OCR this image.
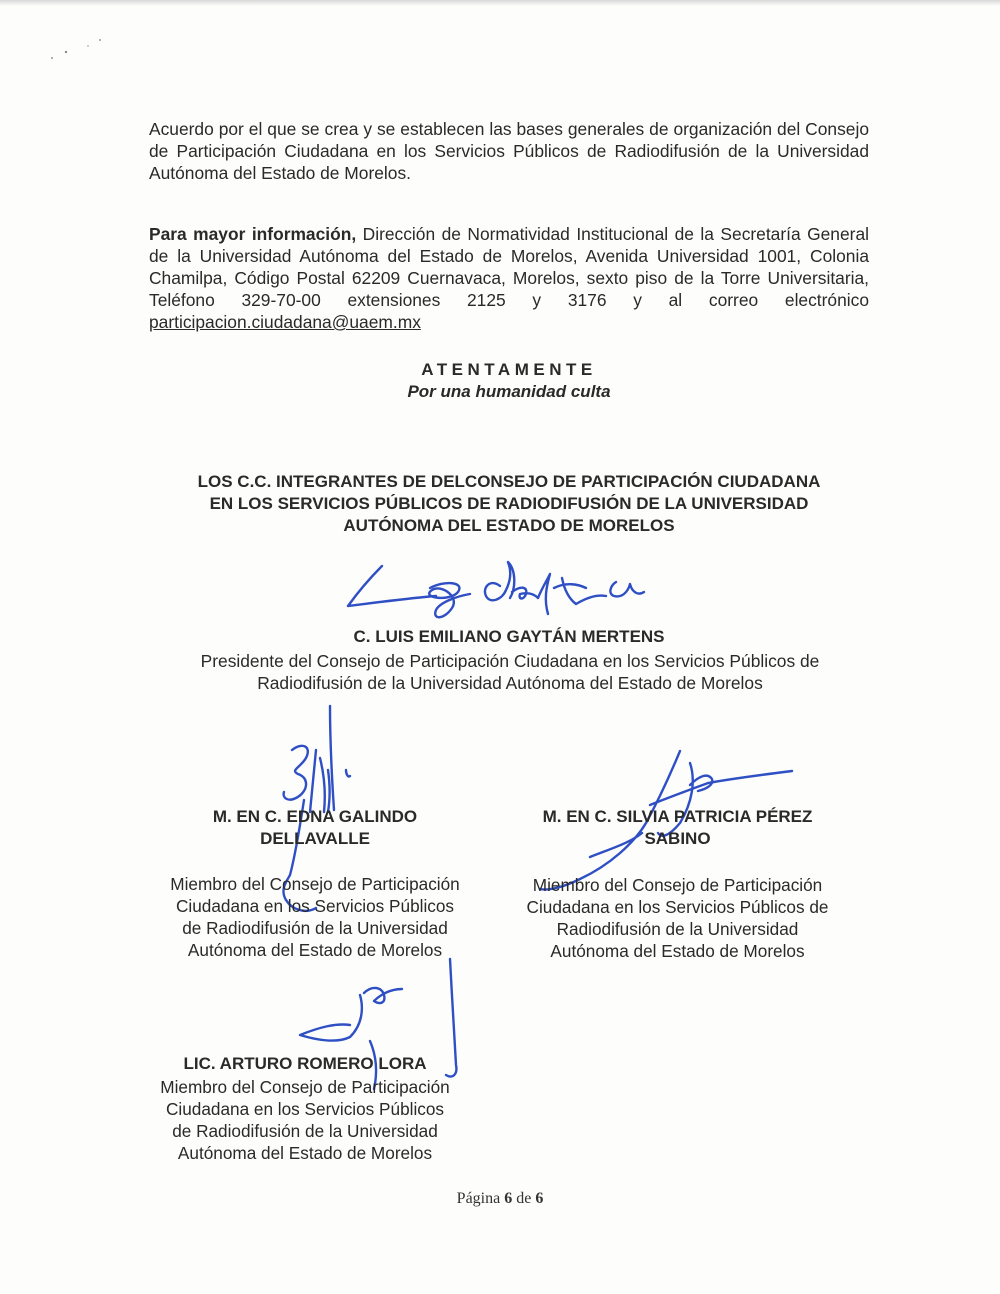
Acuerdo por el que se crea y se establecen las bases generales de organización del Consejo de Participación Ciudadana en los Servicios Públicos de Radiodifusión de la Universidad Autónoma del Estado de Morelos.
Para mayor información, Dirección de Normatividad Institucional de la Secretaría General de la Universidad Autónoma del Estado de Morelos, Avenida Universidad 1001, Colonia Chamilpa, Código Postal 62209 Cuernavaca, Morelos, sexto piso de la Torre Universitaria, Teléfono 329-70-00 extensiones 2125 y 3176 y al correo electrónico participacion.ciudadana@uaem.mx
ATENTAMENTE
Por una humanidad culta
LOS C.C. INTEGRANTES DE DELCONSEJO DE PARTICIPACIÓN CIUDADANA
EN LOS SERVICIOS PÚBLICOS DE RADIODIFUSIÓN DE LA UNIVERSIDAD
AUTÓNOMA DEL ESTADO DE MORELOS
C. LUIS EMILIANO GAYTÁN MERTENS
Presidente del Consejo de Participación Ciudadana en los Servicios Públicos de
Radiodifusión de la Universidad Autónoma del Estado de Morelos
M. EN C. EDNA GALINDO
DELLAVALLE
Miembro del Consejo de Participación
Ciudadana en los Servicios Públicos
de Radiodifusión de la Universidad
Autónoma del Estado de Morelos
M. EN C. SILVIA PATRICIA PÉREZ
SABINO
Miembro del Consejo de Participación
Ciudadana en los Servicios Públicos de
Radiodifusión de la Universidad
Autónoma del Estado de Morelos
LIC. ARTURO ROMERO LORA
Miembro del Consejo de Participación
Ciudadana en los Servicios Públicos
de Radiodifusión de la Universidad
Autónoma del Estado de Morelos
Página 6 de 6
